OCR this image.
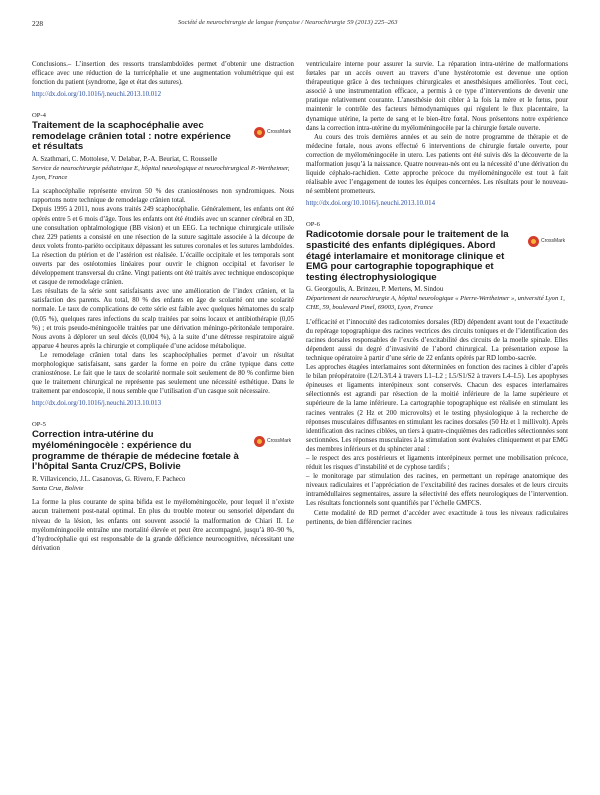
228	Société de neurochirurgie de langue française / Neurochirurgie 59 (2013) 225–263

Conclusions.– L’insertion des ressorts translambdoïdes permet d’obtenir une distraction efficace avec une réduction de la turricéphalie et une augmentation volumétrique qui est fonction du patient (syndrome, âge et état des sutures).

http://dx.doi.org/10.1016/j.neuchi.2013.10.012
OP-4
CrossMark
Traitement de la scaphocéphalie avec remodelage crânien total : notre expérience et résultats
A. Szathmari, C. Mottolese, V. Delabar, P.-A. Beuriat, C. Rousselle
Service de neurochirurgie pédiatrique E, hôpital neurologique et neurochirurgical P.-Wertheimer, Lyon, France

La scaphocéphalie représente environ 50 % des craniosténoses non syndromiques. Nous rapportons notre technique de remodelage crânien total.

Depuis 1995 à 2011, nous avons traités 249 scaphocéphalie. Généralement, les enfants ont été opérés entre 5 et 6 mois d’âge. Tous les enfants ont été étudiés avec un scanner cérébral en 3D, une consultation ophtalmologique (BB vision) et un EEG. La technique chirurgicale utilisée chez 229 patients a consisté en une résection de la suture sagittale associée à la découpe de deux volets fronto-pariéto occipitaux dépassant les sutures coronales et les sutures lambdoïdes. La résection du ptérion et de l’astérion est réalisée. L’écaille occipitale et les temporals sont ouverts par des ostéotomies linéaires pour ouvrir le chignon occipital et favoriser le développement transversal du crâne. Vingt patients ont été traités avec technique endoscopique et casque de remodelage crânien.

Les résultats de la série sont satisfaisants avec une amélioration de l’index crânien, et la satisfaction des parents. Au total, 80 % des enfants en âge de scolarité ont une scolarité normale. Le taux de complications de cette série est faible avec quelques hématomes du scalp (0,05 %), quelques rares infections du scalp traitées par soins locaux et antibiothérapie (0,05 %) ; et trois pseudo-méningocèle traitées par une dérivation méningo-péritonéale temporaire. Nous avons à déplorer un seul décès (0,004 %), à la suite d’une détresse respiratoire aiguë apparue 4 heures après la chirurgie et compliquée d’une acidose métabolique.

Le remodelage crânien total dans les scaphocéphalies permet d’avoir un résultat morphologique satisfaisant, sans garder la forme en poire du crâne typique dans cette craniosténose. Le fait que le taux de scolarité normale soit seulement de 80 % confirme bien que le traitement chirurgical ne représente pas seulement une nécessité esthétique. Dans le traitement par endoscopie, il nous semble que l’utilisation d’un casque soit nécessaire.

http://dx.doi.org/10.1016/j.neuchi.2013.10.013
OP-5
CrossMark
Correction intra-utérine du myéloméningocèle : expérience du programme de thérapie de médecine fœtale à l’hôpital Santa Cruz/CPS, Bolivie
R. Villavicencio, J.L. Casanovas, G. Rivero, F. Pacheco
Santa Cruz, Bolivie

La forme la plus courante de spina bifida est le myéloméningocèle, pour lequel il n’existe aucun traitement post-natal optimal. En plus du trouble moteur ou sensoriel dépendant du niveau de la lésion, les enfants ont souvent associé la malformation de Chiari II. Le myéloméningocèle entraîne une mortalité élevée et peut être accompagné, jusqu’à 80–90 %, d’hydrocéphalie qui est responsable de la grande déficience neurocognitive, nécessitant une dérivation

ventriculaire interne pour assurer la survie. La réparation intra-utérine de malformations fœtales par un accès ouvert au travers d’une hystérotomie est devenue une option thérapeutique grâce à des techniques chirurgicales et anesthésiques améliorées. Tout ceci, associé à une instrumentation efficace, a permis à ce type d’interventions de devenir une pratique relativement courante. L’anesthésie doit cibler à la fois la mère et le fœtus, pour maintenir le contrôle des facteurs hémodynamiques qui régulent le flux placentaire, la dynamique utérine, la perte de sang et le bien-être fœtal. Nous présentons notre expérience dans la correction intra-utérine du myéloméningocèle par la chirurgie fœtale ouverte.

Au cours des trois dernières années et au sein de notre programme de thérapie et de médecine fœtale, nous avons effectué 6 interventions de chirurgie fœtale ouverte, pour correction de myéloméningocèle in utero. Les patients ont été suivis dès la découverte de la malformation jusqu’à la naissance. Quatre nouveau-nés ont eu la nécessité d’une dérivation du liquide céphalo-rachidien. Cette approche précoce du myéloméningocèle est tout à fait réalisable avec l’engagement de toutes les équipes concernées. Les résultats pour le nouveau-né semblent prometteurs.

http://dx.doi.org/10.1016/j.neuchi.2013.10.014
OP-6
CrossMark
Radicotomie dorsale pour le traitement de la spasticité des enfants diplégiques. Abord étagé interlamaire et monitorage clinique et EMG pour cartographie topographique et testing électrophysiologique
G. Georgoulis, A. Brinzeu, P. Mertens, M. Sindou
Département de neurochirurgie A, hôpital neurologique « Pierre-Wertheimer », université Lyon 1, CHE, 59, boulevard Pinel, 69003, Lyon, France

L’efficacité et l’innocuité des radicotomies dorsales (RD) dépendent avant tout de l’exactitude du repérage topographique des racines vectrices des circuits toniques et de l’identification des racines dorsales responsables de l’excès d’excitabilité des circuits de la moelle spinale. Elles dépendent aussi du degré d’invasivité de l’abord chirurgical. La présentation expose la technique opératoire à partir d’une série de 22 enfants opérés par RD lombo-sacrée.

Les approches étagées interlamaires sont déterminées en fonction des racines à cibler d’après le bilan préopératoire (L2/L3/L4 à travers L1–L2 ; L5/S1/S2 à travers L4–L5). Les apophyses épineuses et ligaments interépineux sont conservés. Chacun des espaces interlamaires sélectionnés est agrandi par résection de la moitié inférieure de la lame supérieure et supérieure de la lame inférieure. La cartographie topographique est réalisée en stimulant les racines ventrales (2 Hz et 200 microvolts) et le testing physiologique à la recherche de réponses musculaires diffusantes en stimulant les racines dorsales (50 Hz et 1 millivolt). Après identification des racines ciblées, un tiers à quatre-cinquièmes des radicelles sélectionnées sont sectionnées. Les réponses musculaires à la stimulation sont évaluées cliniquement et par EMG des membres inférieurs et du sphincter anal :

– le respect des arcs postérieurs et ligaments interépineux permet une mobilisation précoce, réduit les risques d’instabilité et de cyphose tardifs ;

– le monitorage par stimulation des racines, en permettant un repérage anatomique des niveaux radiculaires et l’appréciation de l’excitabilité des racines dorsales et de leurs circuits intramédullaires segmentaires, assure la sélectivité des effets neurologiques de l’intervention. Les résultats fonctionnels sont quantifiés par l’échelle GMFCS.

Cette modalité de RD permet d’accéder avec exactitude à tous les niveaux radiculaires pertinents, de bien différencier racines
